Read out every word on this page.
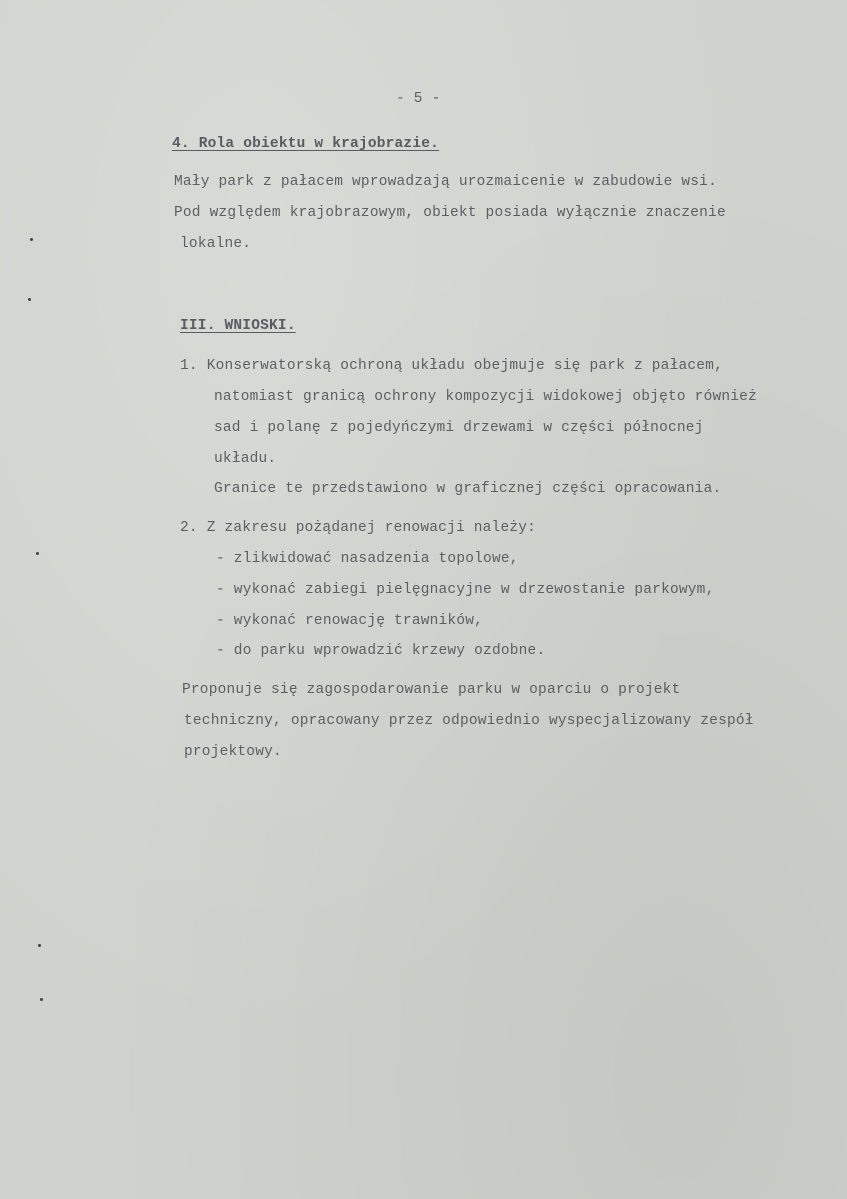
- 5 -
4. Rola obiektu w krajobrazie.
Mały park z pałacem wprowadzają urozmaicenie w zabudowie wsi.
Pod względem krajobrazowym, obiekt posiada wyłącznie znaczenie
lokalne.
III. WNIOSKI.
1. Konserwatorską ochroną układu obejmuje się park z pałacem,
natomiast granicą ochrony kompozycji widokowej objęto również
sad i polanę z pojedyńczymi drzewami w części północnej
układu.
Granice te przedstawiono w graficznej części opracowania.
2. Z zakresu pożądanej renowacji należy:
- zlikwidować nasadzenia topolowe,
- wykonać zabiegi pielęgnacyjne w drzewostanie parkowym,
- wykonać renowację trawników,
- do parku wprowadzić krzewy ozdobne.
Proponuje się zagospodarowanie parku w oparciu o projekt
techniczny, opracowany przez odpowiednio wyspecjalizowany zespół
projektowy.
